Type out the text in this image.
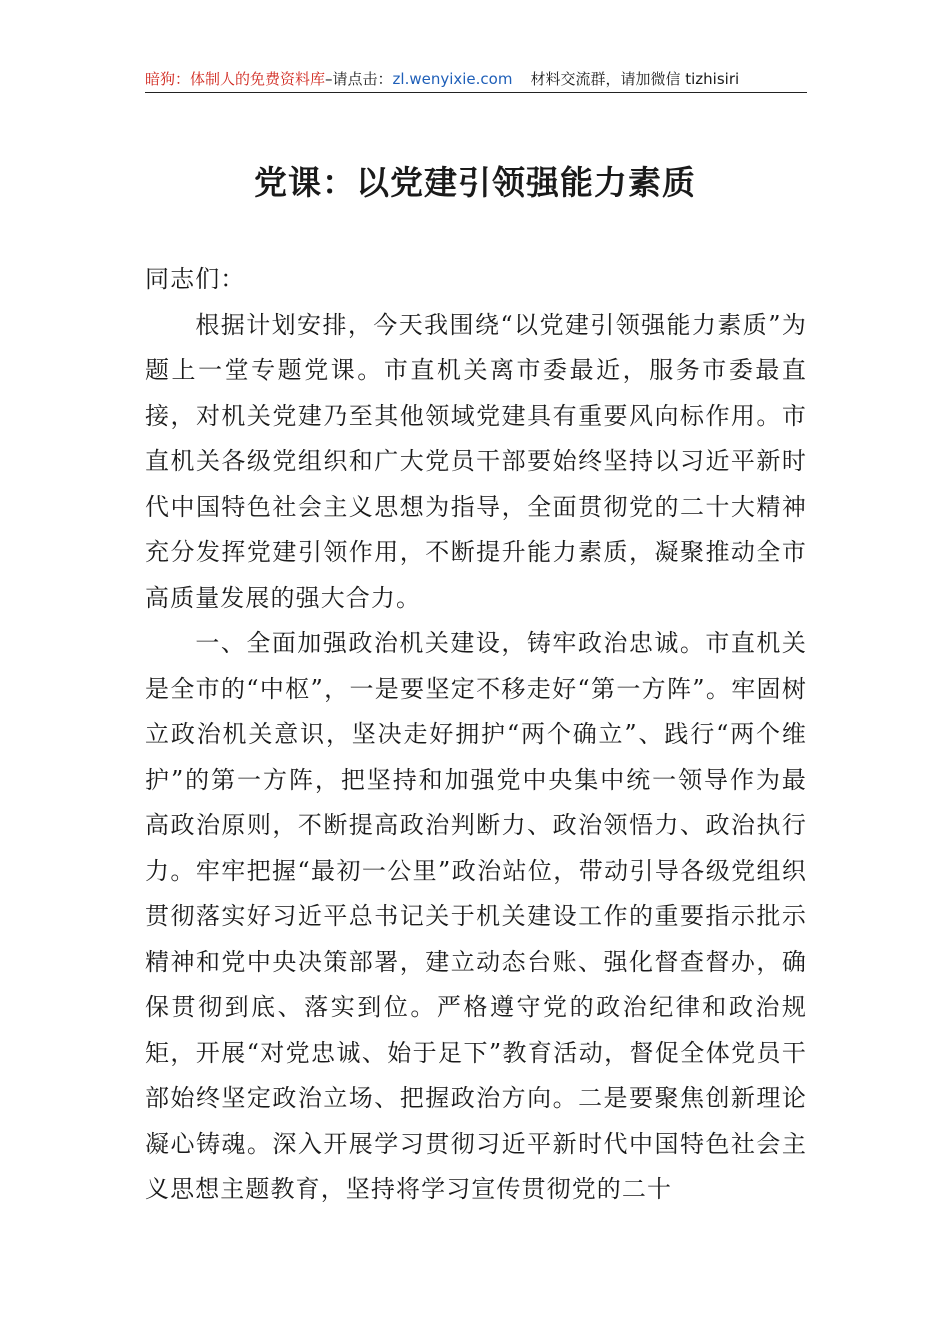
暗狗：体制人的免费资料库–请点击：zl.wenyixie.com 材料交流群，请加微信 tizhisiri
党课：以党建引领强能力素质

同志们：

根据计划安排，今天我围绕“以党建引领强能力素质”为题上一堂专题党课。市直机关离市委最近，服务市委最直接，对机关党建乃至其他领域党建具有重要风向标作用。市直机关各级党组织和广大党员干部要始终坚持以习近平新时代中国特色社会主义思想为指导，全面贯彻党的二十大精神充分发挥党建引领作用，不断提升能力素质，凝聚推动全市高质量发展的强大合力。

一、全面加强政治机关建设，铸牢政治忠诚。市直机关是全市的“中枢”，一是要坚定不移走好“第一方阵”。牢固树立政治机关意识，坚决走好拥护“两个确立”、践行“两个维护”的第一方阵，把坚持和加强党中央集中统一领导作为最高政治原则，不断提高政治判断力、政治领悟力、政治执行力。牢牢把握“最初一公里”政治站位，带动引导各级党组织贯彻落实好习近平总书记关于机关建设工作的重要指示批示精神和党中央决策部署，建立动态台账、强化督查督办，确保贯彻到底、落实到位。严格遵守党的政治纪律和政治规矩，开展“对党忠诚、始于足下”教育活动，督促全体党员干部始终坚定政治立场、把握政治方向。二是要聚焦创新理论凝心铸魂。深入开展学习贯彻习近平新时代中国特色社会主义思想主题教育，坚持将学习宣传贯彻党的二十
